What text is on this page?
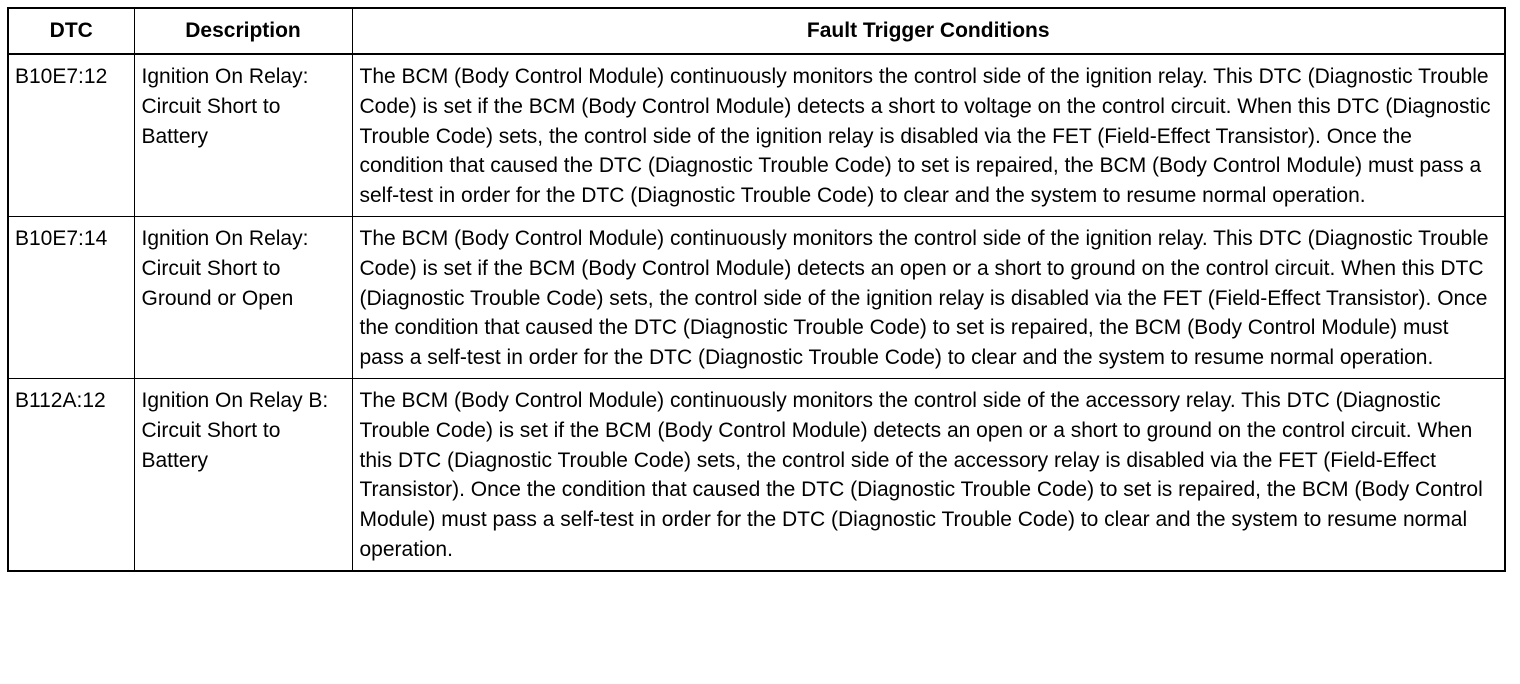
DTC	Description	Fault Trigger Conditions
B10E7:12	Ignition On Relay: Circuit Short to Battery	The BCM (Body Control Module) continuously monitors the control side of the ignition relay. This DTC (Diagnostic Trouble Code) is set if the BCM (Body Control Module) detects a short to voltage on the control circuit. When this DTC (Diagnostic Trouble Code) sets, the control side of the ignition relay is disabled via the FET (Field-Effect Transistor). Once the condition that caused the DTC (Diagnostic Trouble Code) to set is repaired, the BCM (Body Control Module) must pass a self-test in order for the DTC (Diagnostic Trouble Code) to clear and the system to resume normal operation.
B10E7:14	Ignition On Relay: Circuit Short to Ground or Open	The BCM (Body Control Module) continuously monitors the control side of the ignition relay. This DTC (Diagnostic Trouble Code) is set if the BCM (Body Control Module) detects an open or a short to ground on the control circuit. When this DTC (Diagnostic Trouble Code) sets, the control side of the ignition relay is disabled via the FET (Field-Effect Transistor). Once the condition that caused the DTC (Diagnostic Trouble Code) to set is repaired, the BCM (Body Control Module) must pass a self-test in order for the DTC (Diagnostic Trouble Code) to clear and the system to resume normal operation.
B112A:12	Ignition On Relay B: Circuit Short to Battery	The BCM (Body Control Module) continuously monitors the control side of the accessory relay. This DTC (Diagnostic Trouble Code) is set if the BCM (Body Control Module) detects an open or a short to ground on the control circuit. When this DTC (Diagnostic Trouble Code) sets, the control side of the accessory relay is disabled via the FET (Field-Effect Transistor). Once the condition that caused the DTC (Diagnostic Trouble Code) to set is repaired, the BCM (Body Control Module) must pass a self-test in order for the DTC (Diagnostic Trouble Code) to clear and the system to resume normal operation.
